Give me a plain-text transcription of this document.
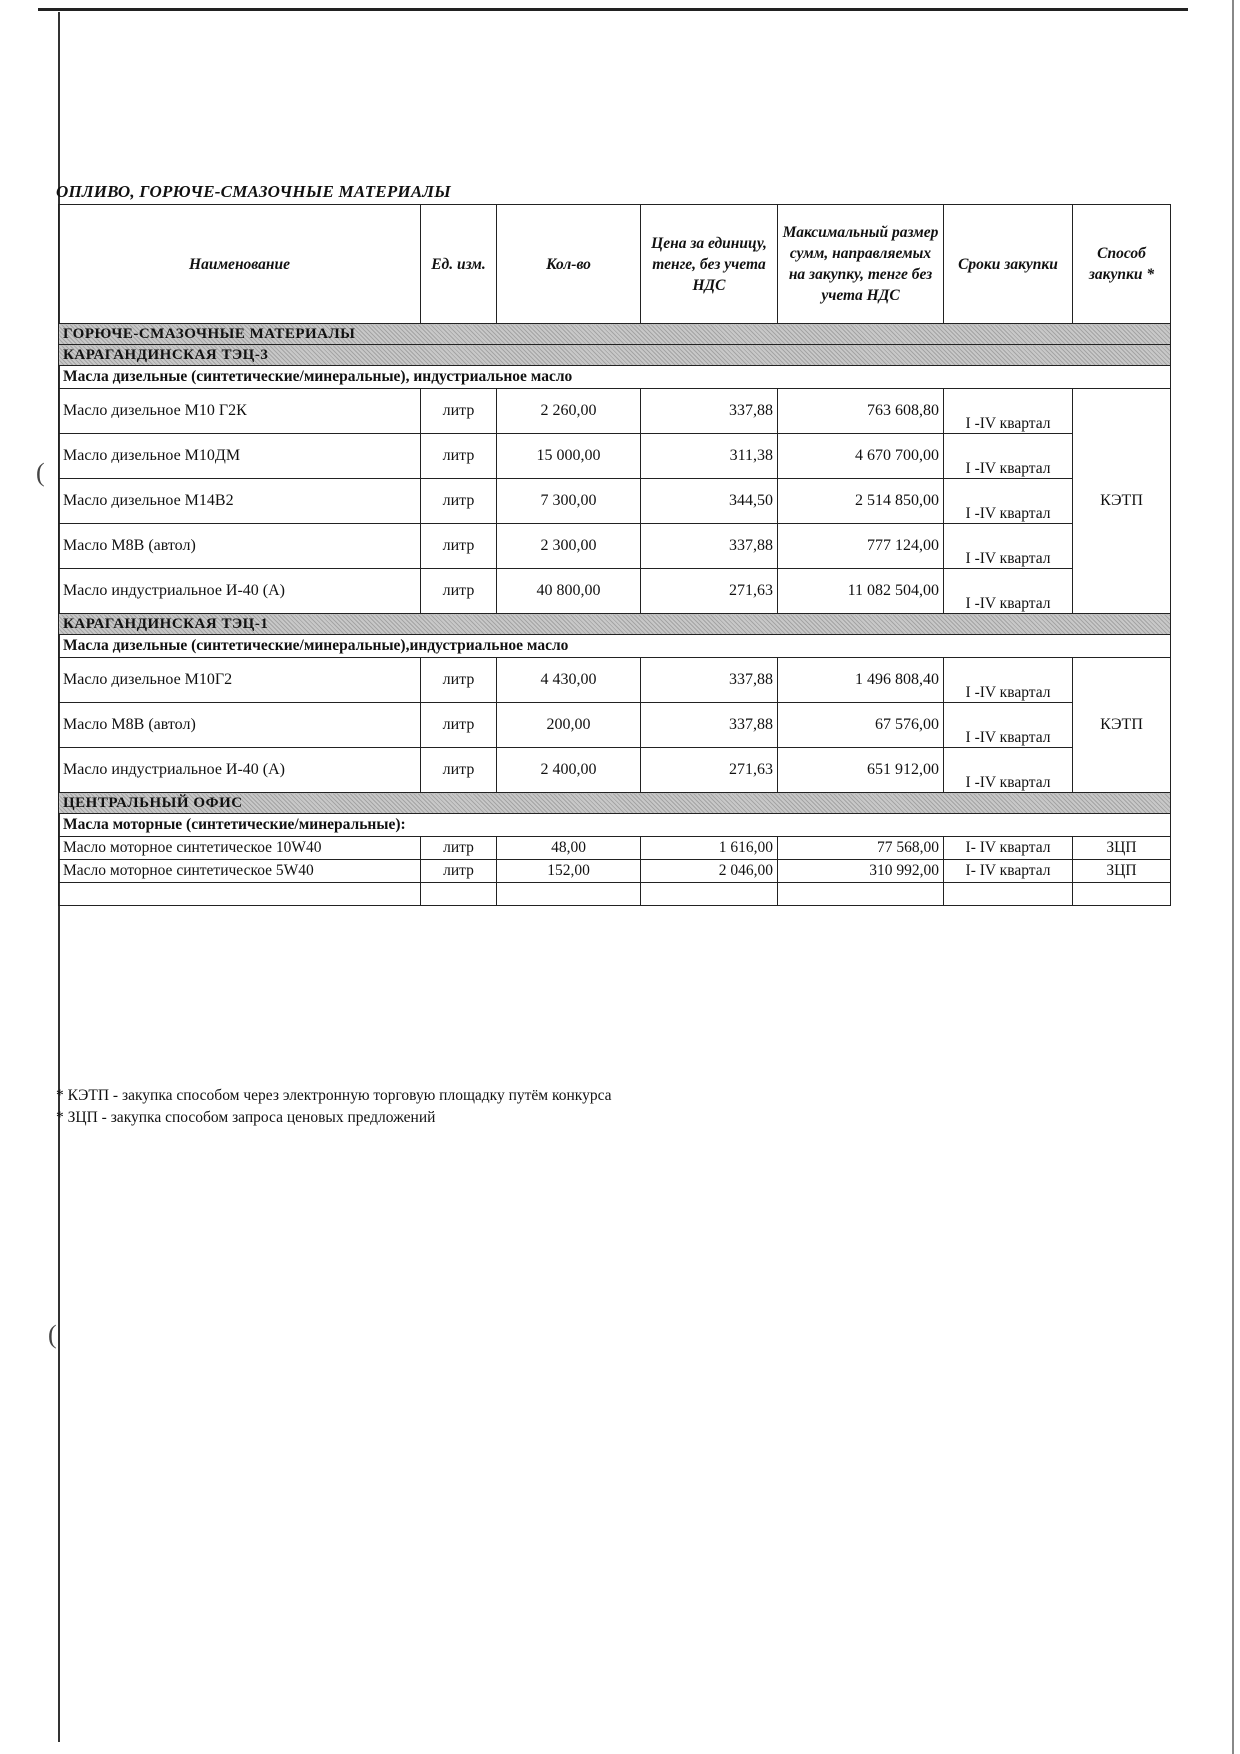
(
(
ОПЛИВО, ГОРЮЧЕ-СМАЗОЧНЫЕ МАТЕРИАЛЫ
Наименование	Ед. изм.	Кол-во	Цена за единицу, тенге, без учета НДС	Максимальный размер сумм, направляемых на закупку, тенге без учета НДС	Сроки закупки	Способ закупки *
ГОРЮЧЕ-СМАЗОЧНЫЕ МАТЕРИАЛЫ						
КАРАГАНДИНСКАЯ ТЭЦ-3						
Масла дизельные (синтетические/минеральные), индустриальное масло						
Масло дизельное М10 Г2К	литр	2 260,00	337,88	763 608,80	I -IV квартал	КЭТП
Масло дизельное М10ДМ	литр	15 000,00	311,38	4 670 700,00	I -IV квартал	
Масло дизельное М14В2	литр	7 300,00	344,50	2 514 850,00	I -IV квартал	
Масло М8В (автол)	литр	2 300,00	337,88	777 124,00	I -IV квартал	
Масло индустриальное И-40 (А)	литр	40 800,00	271,63	11 082 504,00	I -IV квартал	
КАРАГАНДИНСКАЯ ТЭЦ-1						
Масла дизельные (синтетические/минеральные),индустриальное масло						
Масло дизельное М10Г2	литр	4 430,00	337,88	1 496 808,40	I -IV квартал	КЭТП
Масло М8В (автол)	литр	200,00	337,88	67 576,00	I -IV квартал	
Масло индустриальное И-40 (А)	литр	2 400,00	271,63	651 912,00	I -IV квартал	
ЦЕНТРАЛЬНЫЙ ОФИС						
Масла моторные (синтетические/минеральные):						
Масло моторное синтетическое 10W40	литр	48,00	1 616,00	77 568,00	I- IV квартал	ЗЦП
Масло моторное синтетическое 5W40	литр	152,00	2 046,00	310 992,00	I- IV квартал	ЗЦП

* КЭТП - закупка способом через электронную торговую площадку путём конкурса
* ЗЦП - закупка способом запроса ценовых предложений
